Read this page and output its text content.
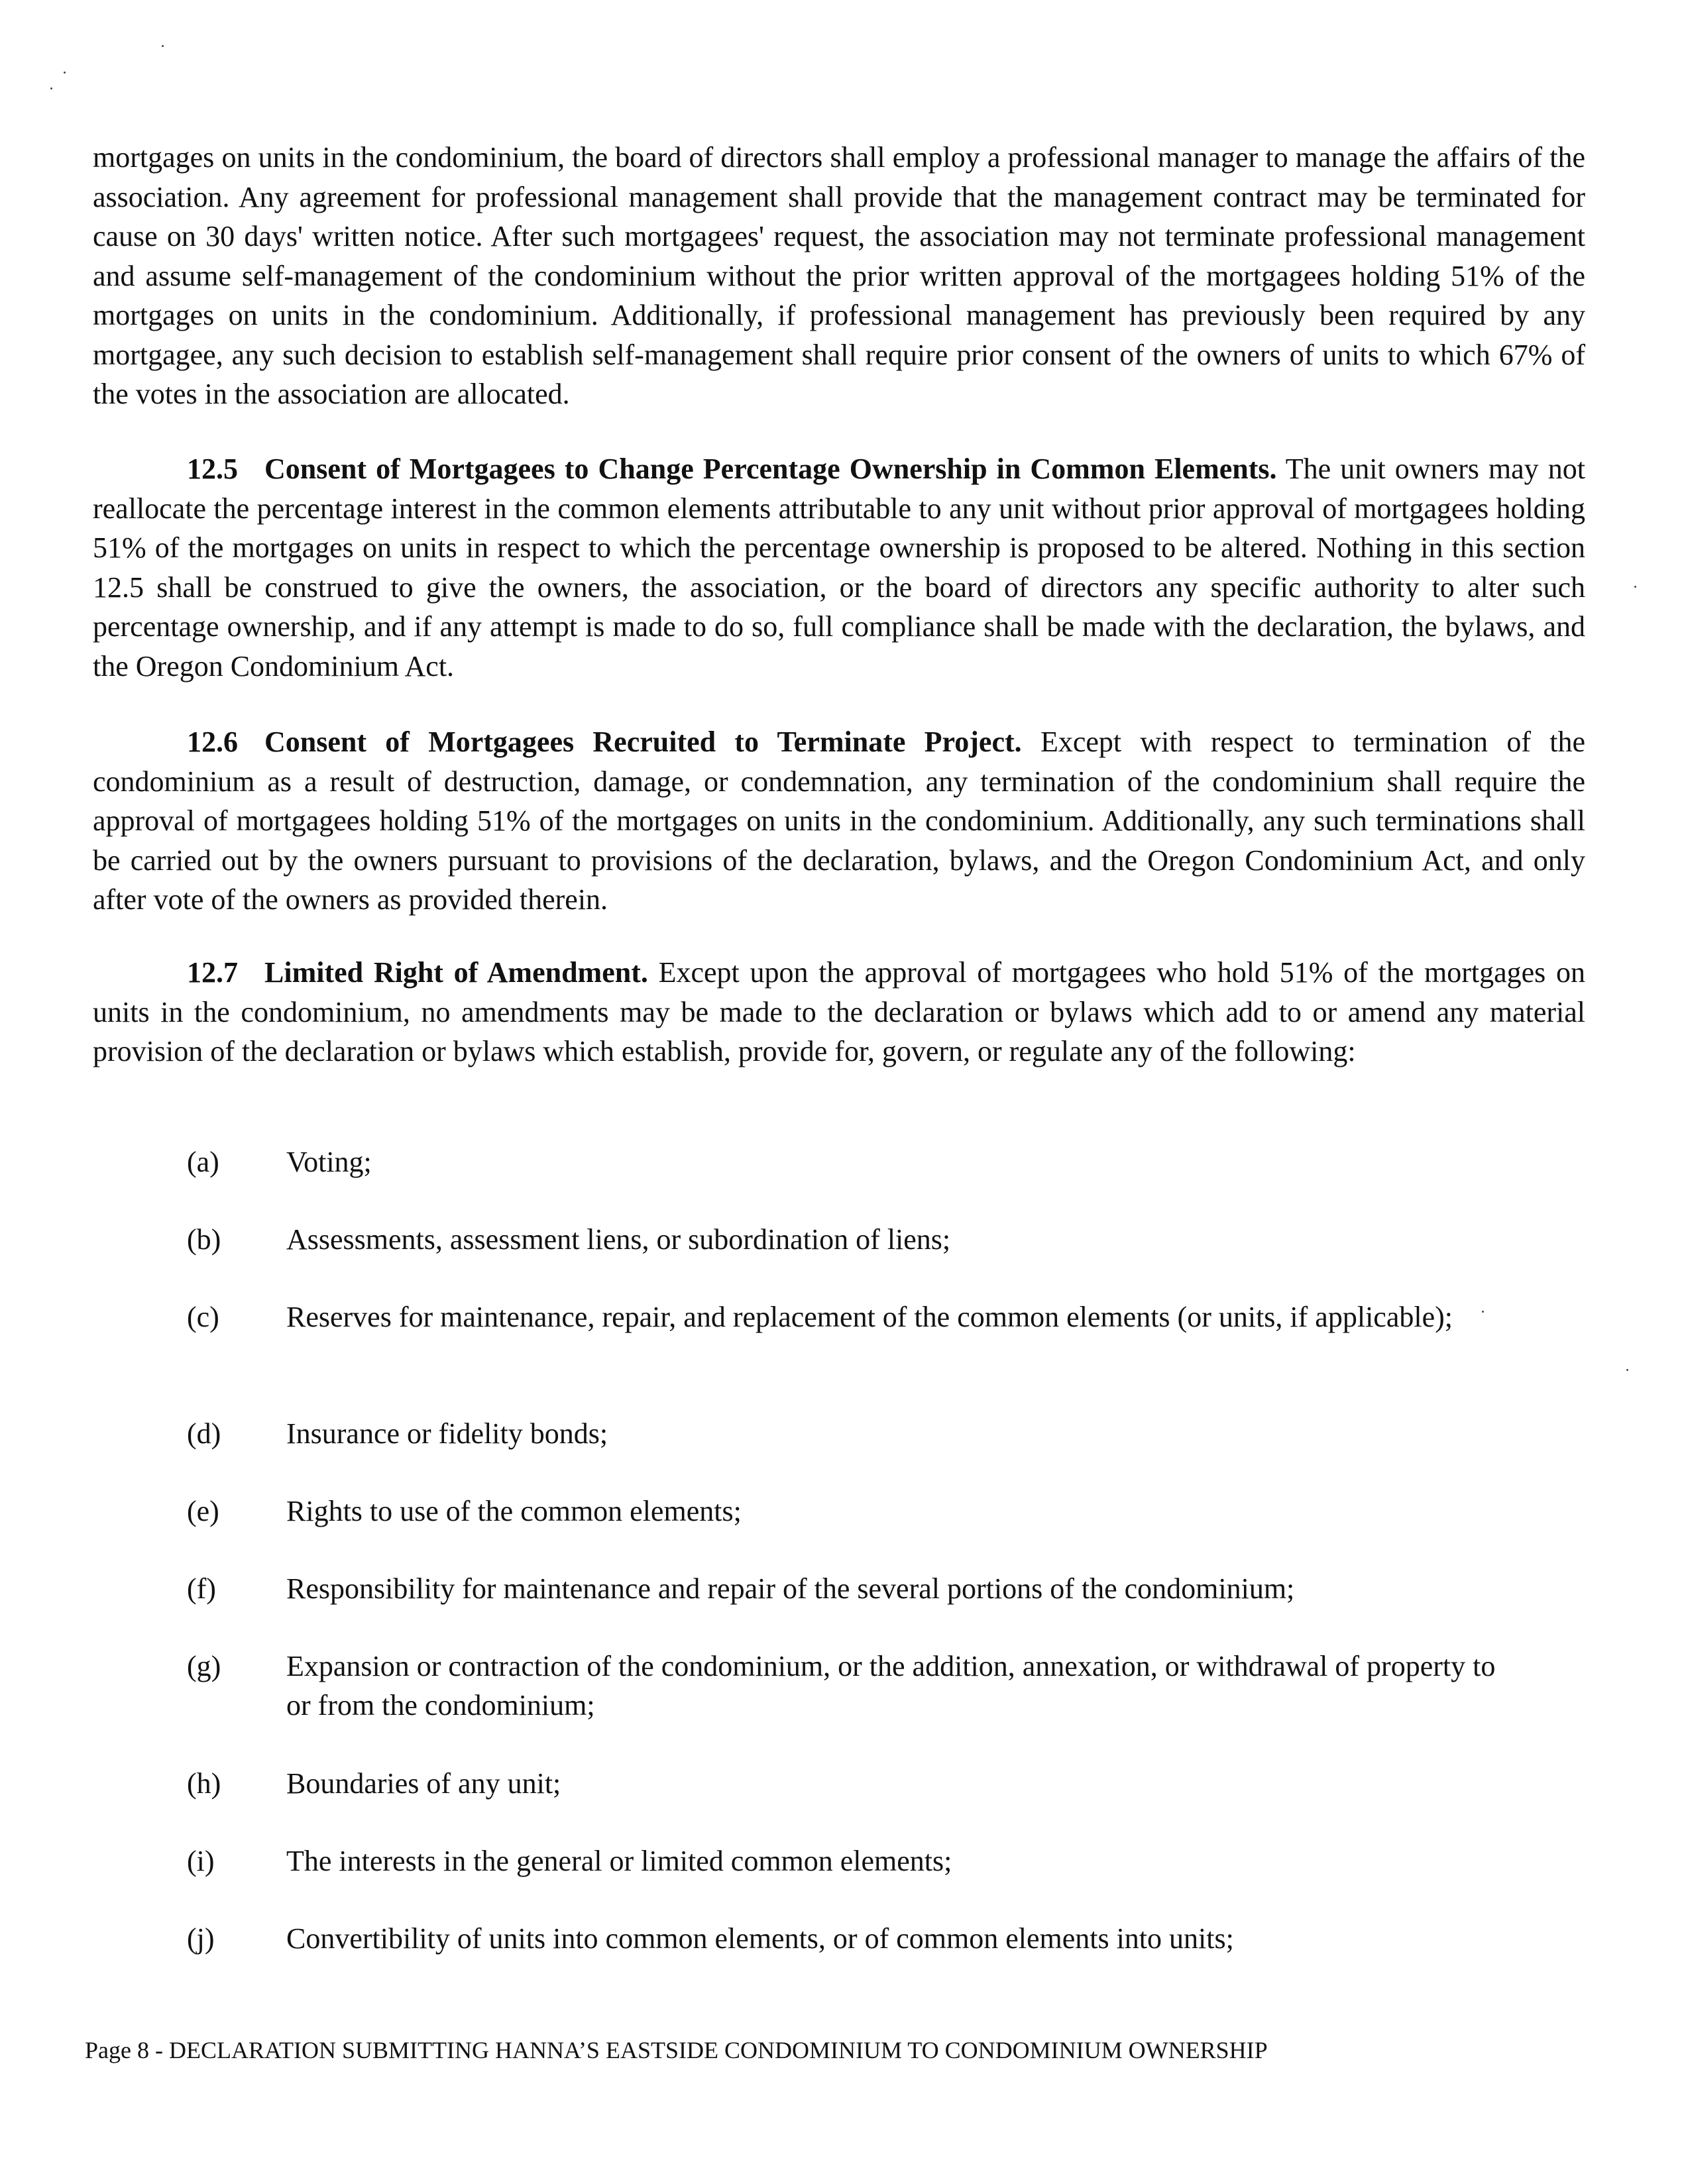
mortgages on units in the condominium, the board of directors shall employ a professional manager to manage the affairs of the association. Any agreement for professional management shall provide that the management contract may be terminated for cause on 30 days' written notice. After such mortgagees' request, the association may not terminate professional management and assume self-management of the condominium without the prior written approval of the mortgagees holding 51% of the mortgages on units in the condominium. Additionally, if professional management has previously been required by any mortgagee, any such decision to establish self-management shall require prior consent of the owners of units to which 67% of the votes in the association are allocated.

12.5 Consent of Mortgagees to Change Percentage Ownership in Common Elements. The unit owners may not reallocate the percentage interest in the common elements attributable to any unit without prior approval of mortgagees holding 51% of the mortgages on units in respect to which the percentage ownership is proposed to be altered. Nothing in this section 12.5 shall be construed to give the owners, the association, or the board of directors any specific authority to alter such percentage ownership, and if any attempt is made to do so, full compliance shall be made with the declaration, the bylaws, and the Oregon Condominium Act.

12.6 Consent of Mortgagees Recruited to Terminate Project. Except with respect to termination of the condominium as a result of destruction, damage, or condemnation, any termination of the condominium shall require the approval of mortgagees holding 51% of the mortgages on units in the condominium. Additionally, any such terminations shall be carried out by the owners pursuant to provisions of the declaration, bylaws, and the Oregon Condominium Act, and only after vote of the owners as provided therein.

12.7 Limited Right of Amendment. Except upon the approval of mortgagees who hold 51% of the mortgages on units in the condominium, no amendments may be made to the declaration or bylaws which add to or amend any material provision of the declaration or bylaws which establish, provide for, govern, or regulate any of the following:

(a)	Voting;
(b)	Assessments, assessment liens, or subordination of liens;
(c)	Reserves for maintenance, repair, and replacement of the common elements (or units, if applicable);
(d)	Insurance or fidelity bonds;
(e)	Rights to use of the common elements;
(f)	Responsibility for maintenance and repair of the several portions of the condominium;
(g)	Expansion or contraction of the condominium, or the addition, annexation, or withdrawal of property to or from the condominium;
(h)	Boundaries of any unit;
(i)	The interests in the general or limited common elements;
(j)	Convertibility of units into common elements, or of common elements into units;
Page 8 - DECLARATION SUBMITTING HANNA’S EASTSIDE CONDOMINIUM TO CONDOMINIUM OWNERSHIP
